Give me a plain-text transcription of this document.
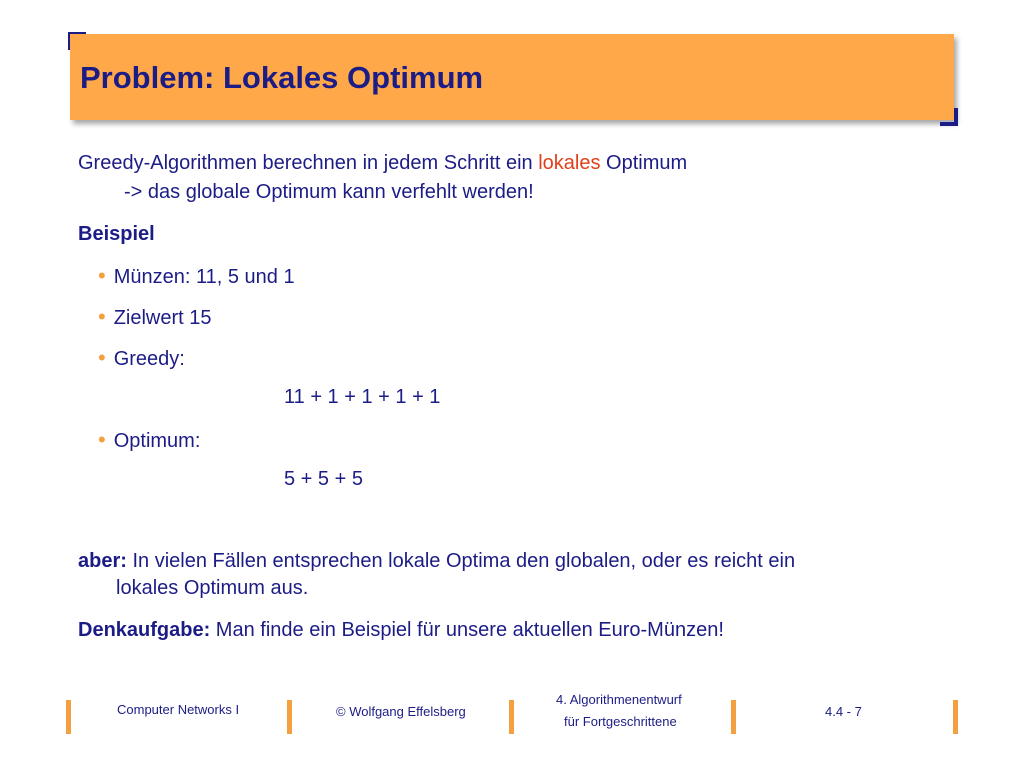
Problem: Lokales Optimum
Greedy-Algorithmen berechnen in jedem Schritt ein lokales Optimum
-> das globale Optimum kann verfehlt werden!
Beispiel
• Münzen: 11, 5 und 1
• Zielwert 15
• Greedy:
11 + 1 + 1 + 1 + 1
• Optimum:
5 + 5 + 5
aber: In vielen Fällen entsprechen lokale Optima den globalen, oder es reicht ein
lokales Optimum aus.
Denkaufgabe: Man finde ein Beispiel für unsere aktuellen Euro-Münzen!
Computer Networks I	© Wolfgang Effelsberg
4. Algorithmenentwurf
für Fortgeschrittene
4.4 - 7
